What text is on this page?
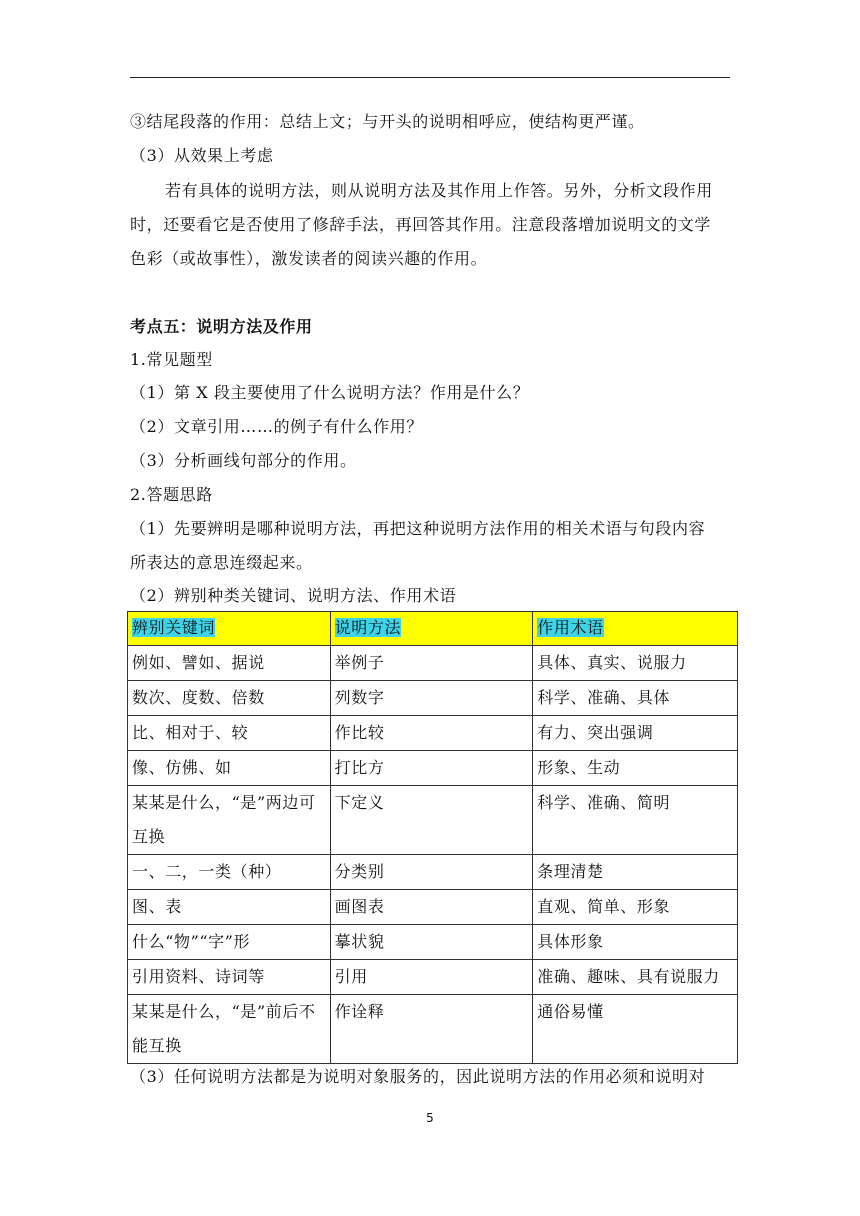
③结尾段落的作用：总结上文；与开头的说明相呼应，使结构更严谨。
（3）从效果上考虑
若有具体的说明方法，则从说明方法及其作用上作答。另外，分析文段作用
时，还要看它是否使用了修辞手法，再回答其作用。注意段落增加说明文的文学
色彩（或故事性），激发读者的阅读兴趣的作用。
考点五：说明方法及作用
1.常见题型
（1）第 X 段主要使用了什么说明方法？作用是什么？
（2）文章引用……的例子有什么作用？
（3）分析画线句部分的作用。
2.答题思路
（1）先要辨明是哪种说明方法，再把这种说明方法作用的相关术语与句段内容
所表达的意思连缀起来。
（2）辨别种类关键词、说明方法、作用术语
辨别关键词	说明方法	作用术语
例如、譬如、据说	举例子	具体、真实、说服力
数次、度数、倍数	列数字	科学、准确、具体
比、相对于、较	作比较	有力、突出强调
像、仿佛、如	打比方	形象、生动
某某是什么，“是”两边可互换	下定义	科学、准确、简明
一、二，一类（种）	分类别	条理清楚
图、表	画图表	直观、简单、形象
什么“物”“字”形	摹状貌	具体形象
引用资料、诗词等	引用	准确、趣味、具有说服力
某某是什么，“是”前后不能互换	作诠释	通俗易懂
（3）任何说明方法都是为说明对象服务的，因此说明方法的作用必须和说明对
5
